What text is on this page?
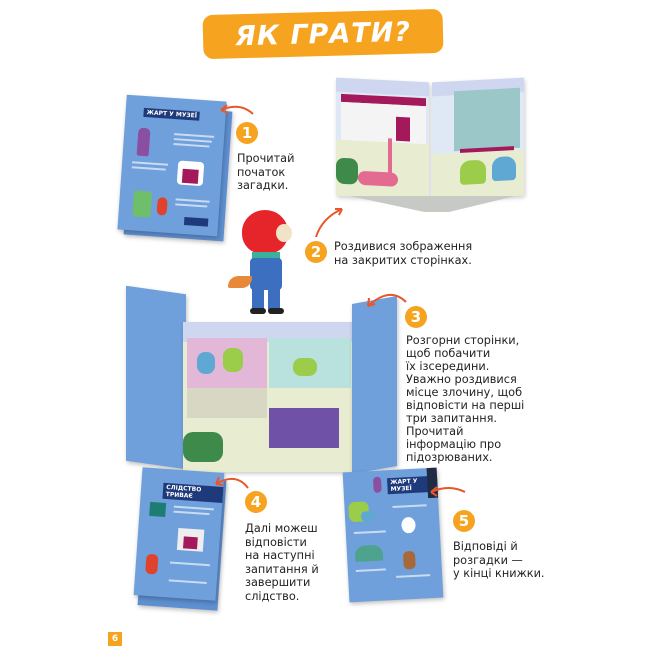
ЯК ГРАТИ?
ЖАРТ У МУЗЕЇ
1
Прочитай
початок
загадки.
2	Роздивися зображення
на закритих сторінках.
3
Розгорни сторінки,
щоб побачити
їх ізсередини.
Уважно роздивися
місце злочину, щоб
відповісти на перші
три запитання.
Прочитай
інформацію про
підозрюваних.
СЛІДСТВО ТРИВАЄ	4
Далі можеш
відповісти
на наступні
запитання й
завершити
слідство.
ЖАРТ У МУЗЕЇ
5
Відповіді й
розгадки —
у кінці книжки.
6
